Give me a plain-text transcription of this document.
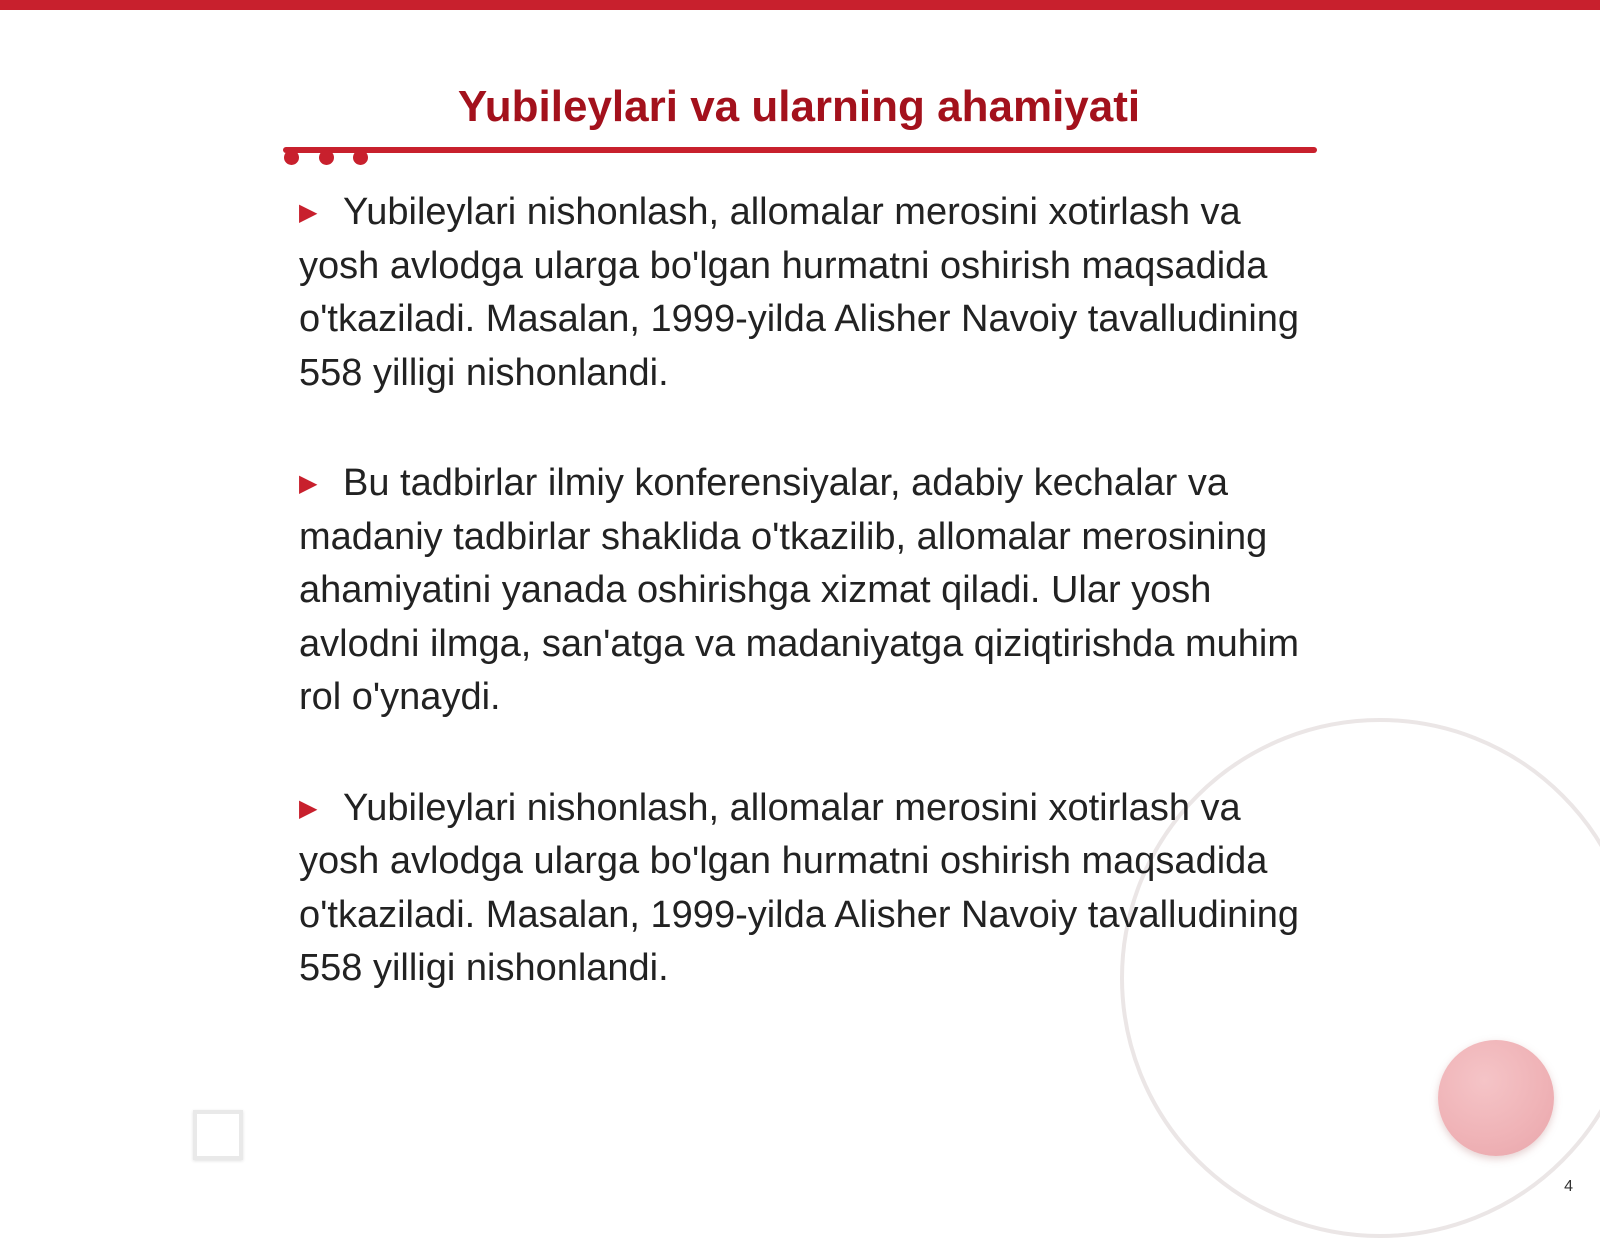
Yubileylari va ularning ahamiyati

▶ Yubileylari nishonlash, allomalar merosini xotirlash va yosh avlodga ularga bo'lgan hurmatni oshirish maqsadida o'tkaziladi. Masalan, 1999-yilda Alisher Navoiy tavalludining 558 yilligi nishonlandi.

▶ Bu tadbirlar ilmiy konferensiyalar, adabiy kechalar va madaniy tadbirlar shaklida o'tkazilib, allomalar merosining ahamiyatini yanada oshirishga xizmat qiladi. Ular yosh avlodni ilmga, san'atga va madaniyatga qiziqtirishda muhim rol o'ynaydi.

▶ Yubileylari nishonlash, allomalar merosini xotirlash va yosh avlodga ularga bo'lgan hurmatni oshirish maqsadida o'tkaziladi. Masalan, 1999-yilda Alisher Navoiy tavalludining 558 yilligi nishonlandi.

4
